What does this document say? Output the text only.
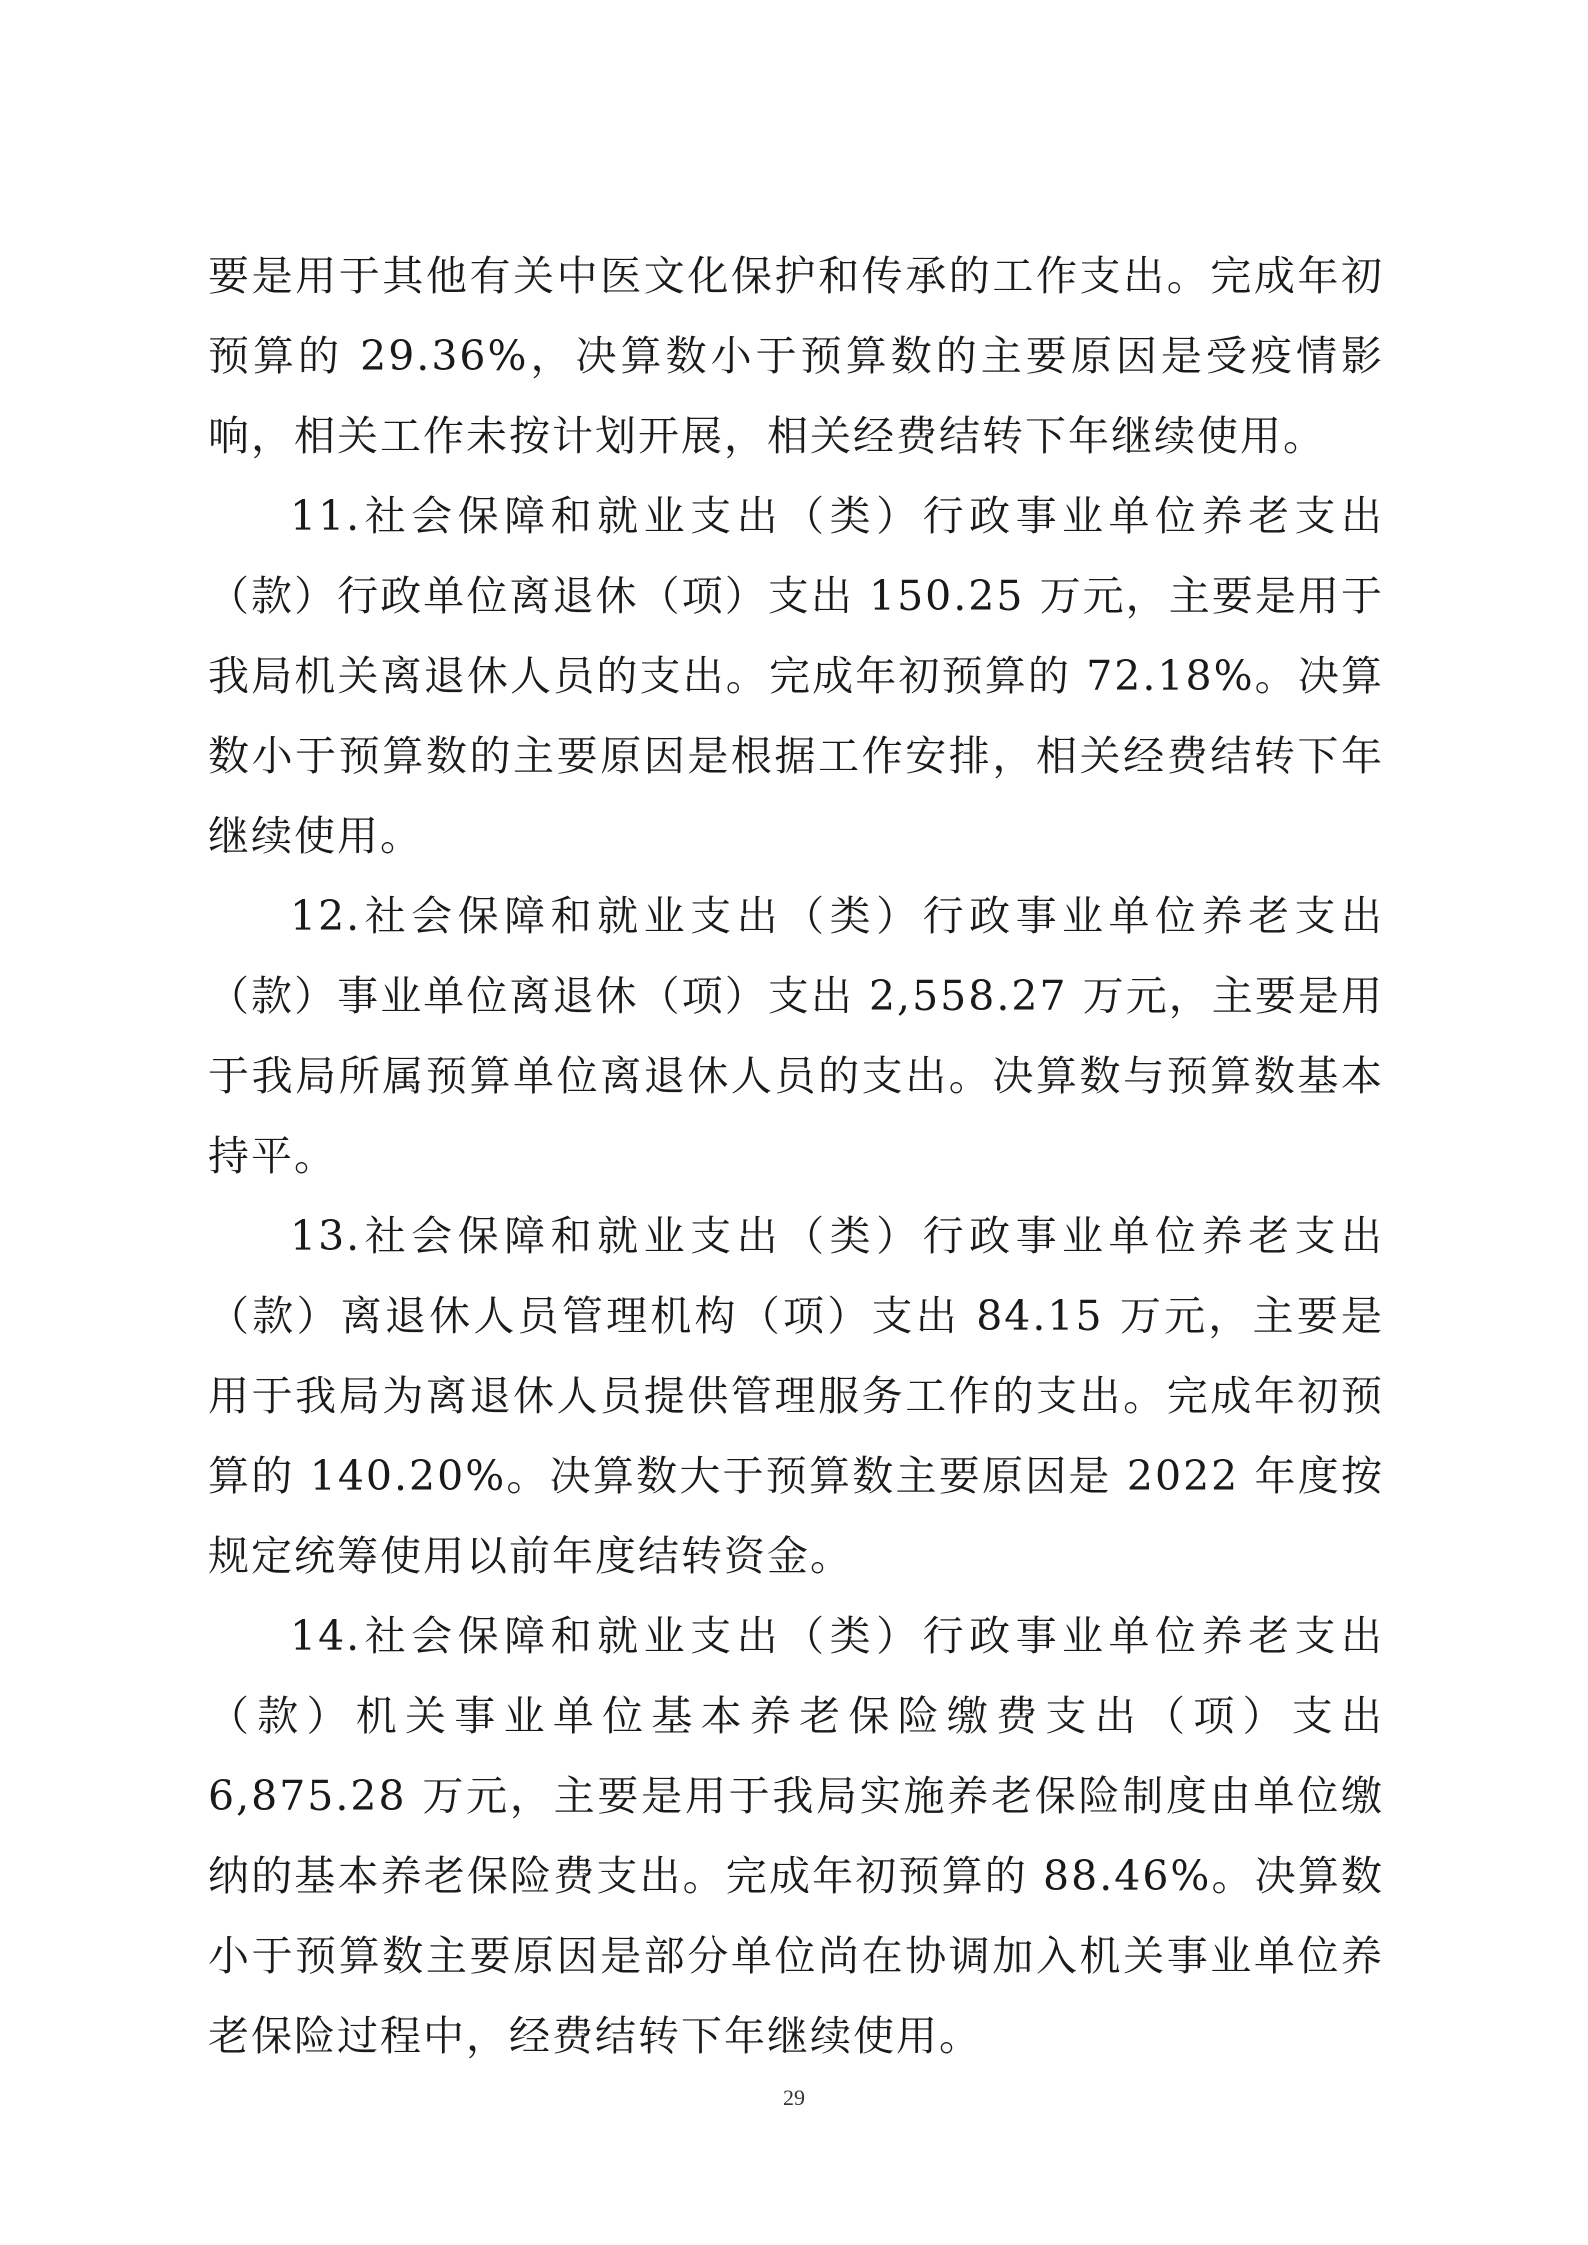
要是用于其他有关中医文化保护和传承的工作支出。完成年初预算的 29.36%，决算数小于预算数的主要原因是受疫情影响，相关工作未按计划开展，相关经费结转下年继续使用。

11.社会保障和就业支出（类）行政事业单位养老支出（款）行政单位离退休（项）支出 150.25 万元，主要是用于我局机关离退休人员的支出。完成年初预算的 72.18%。决算数小于预算数的主要原因是根据工作安排，相关经费结转下年继续使用。

12.社会保障和就业支出（类）行政事业单位养老支出（款）事业单位离退休（项）支出 2,558.27 万元，主要是用于我局所属预算单位离退休人员的支出。决算数与预算数基本持平。

13.社会保障和就业支出（类）行政事业单位养老支出（款）离退休人员管理机构（项）支出 84.15 万元，主要是用于我局为离退休人员提供管理服务工作的支出。完成年初预算的 140.20%。决算数大于预算数主要原因是 2022 年度按规定统筹使用以前年度结转资金。

14.社会保障和就业支出（类）行政事业单位养老支出（款）机关事业单位基本养老保险缴费支出（项）支出 6,875.28 万元，主要是用于我局实施养老保险制度由单位缴纳的基本养老保险费支出。完成年初预算的 88.46%。决算数小于预算数主要原因是部分单位尚在协调加入机关事业单位养老保险过程中，经费结转下年继续使用。

29
